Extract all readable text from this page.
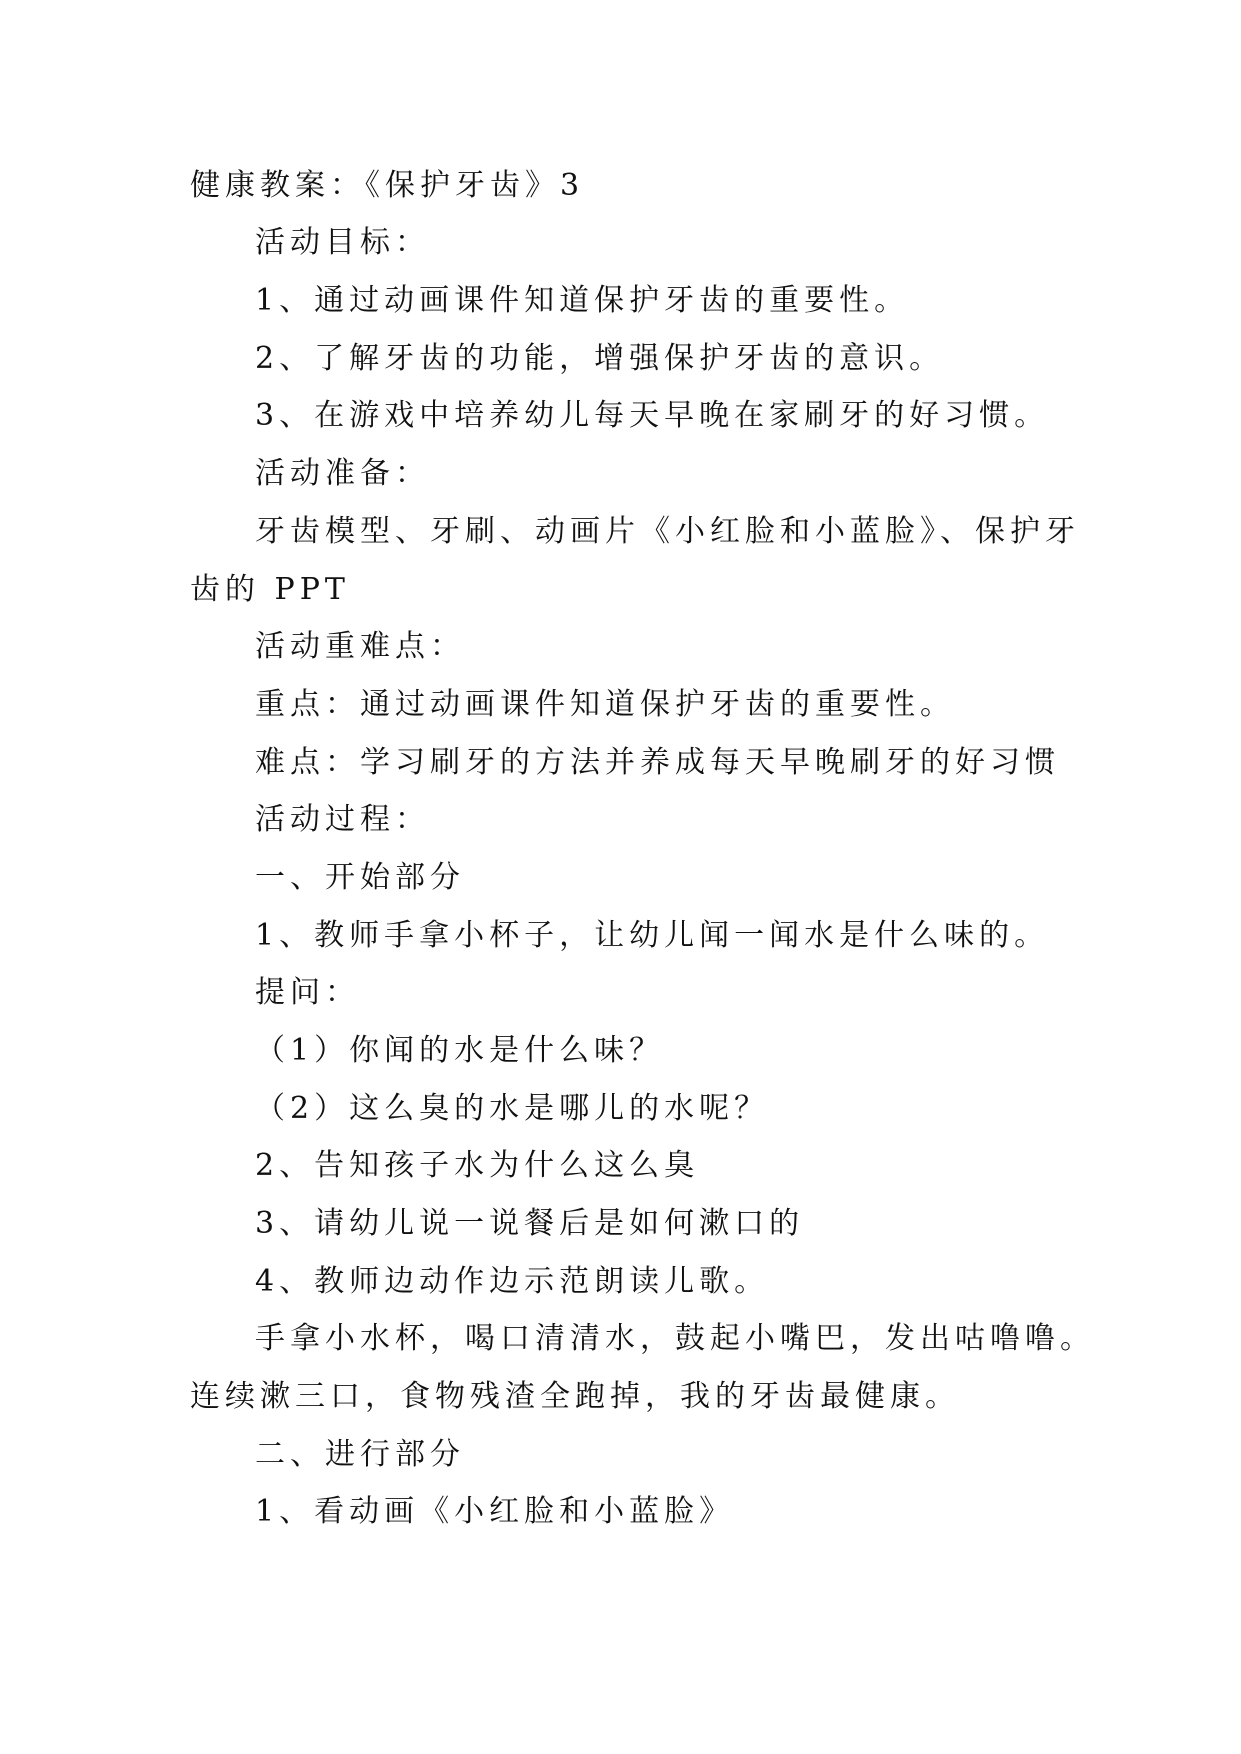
健康教案：《保护牙齿》3

活动目标：

1、通过动画课件知道保护牙齿的重要性。

2、了解牙齿的功能，增强保护牙齿的意识。

3、在游戏中培养幼儿每天早晚在家刷牙的好习惯。

活动准备：

牙齿模型、牙刷、动画片《小红脸和小蓝脸》、保护牙

齿的 PPT

活动重难点：

重点：通过动画课件知道保护牙齿的重要性。

难点：学习刷牙的方法并养成每天早晚刷牙的好习惯

活动过程：

一、开始部分

1、教师手拿小杯子，让幼儿闻一闻水是什么味的。

提问：

（1）你闻的水是什么味？

（2）这么臭的水是哪儿的水呢？

2、告知孩子水为什么这么臭

3、请幼儿说一说餐后是如何漱口的

4、教师边动作边示范朗读儿歌。

手拿小水杯，喝口清清水，鼓起小嘴巴，发出咕噜噜。

连续漱三口，食物残渣全跑掉，我的牙齿最健康。

二、进行部分

1、看动画《小红脸和小蓝脸》
